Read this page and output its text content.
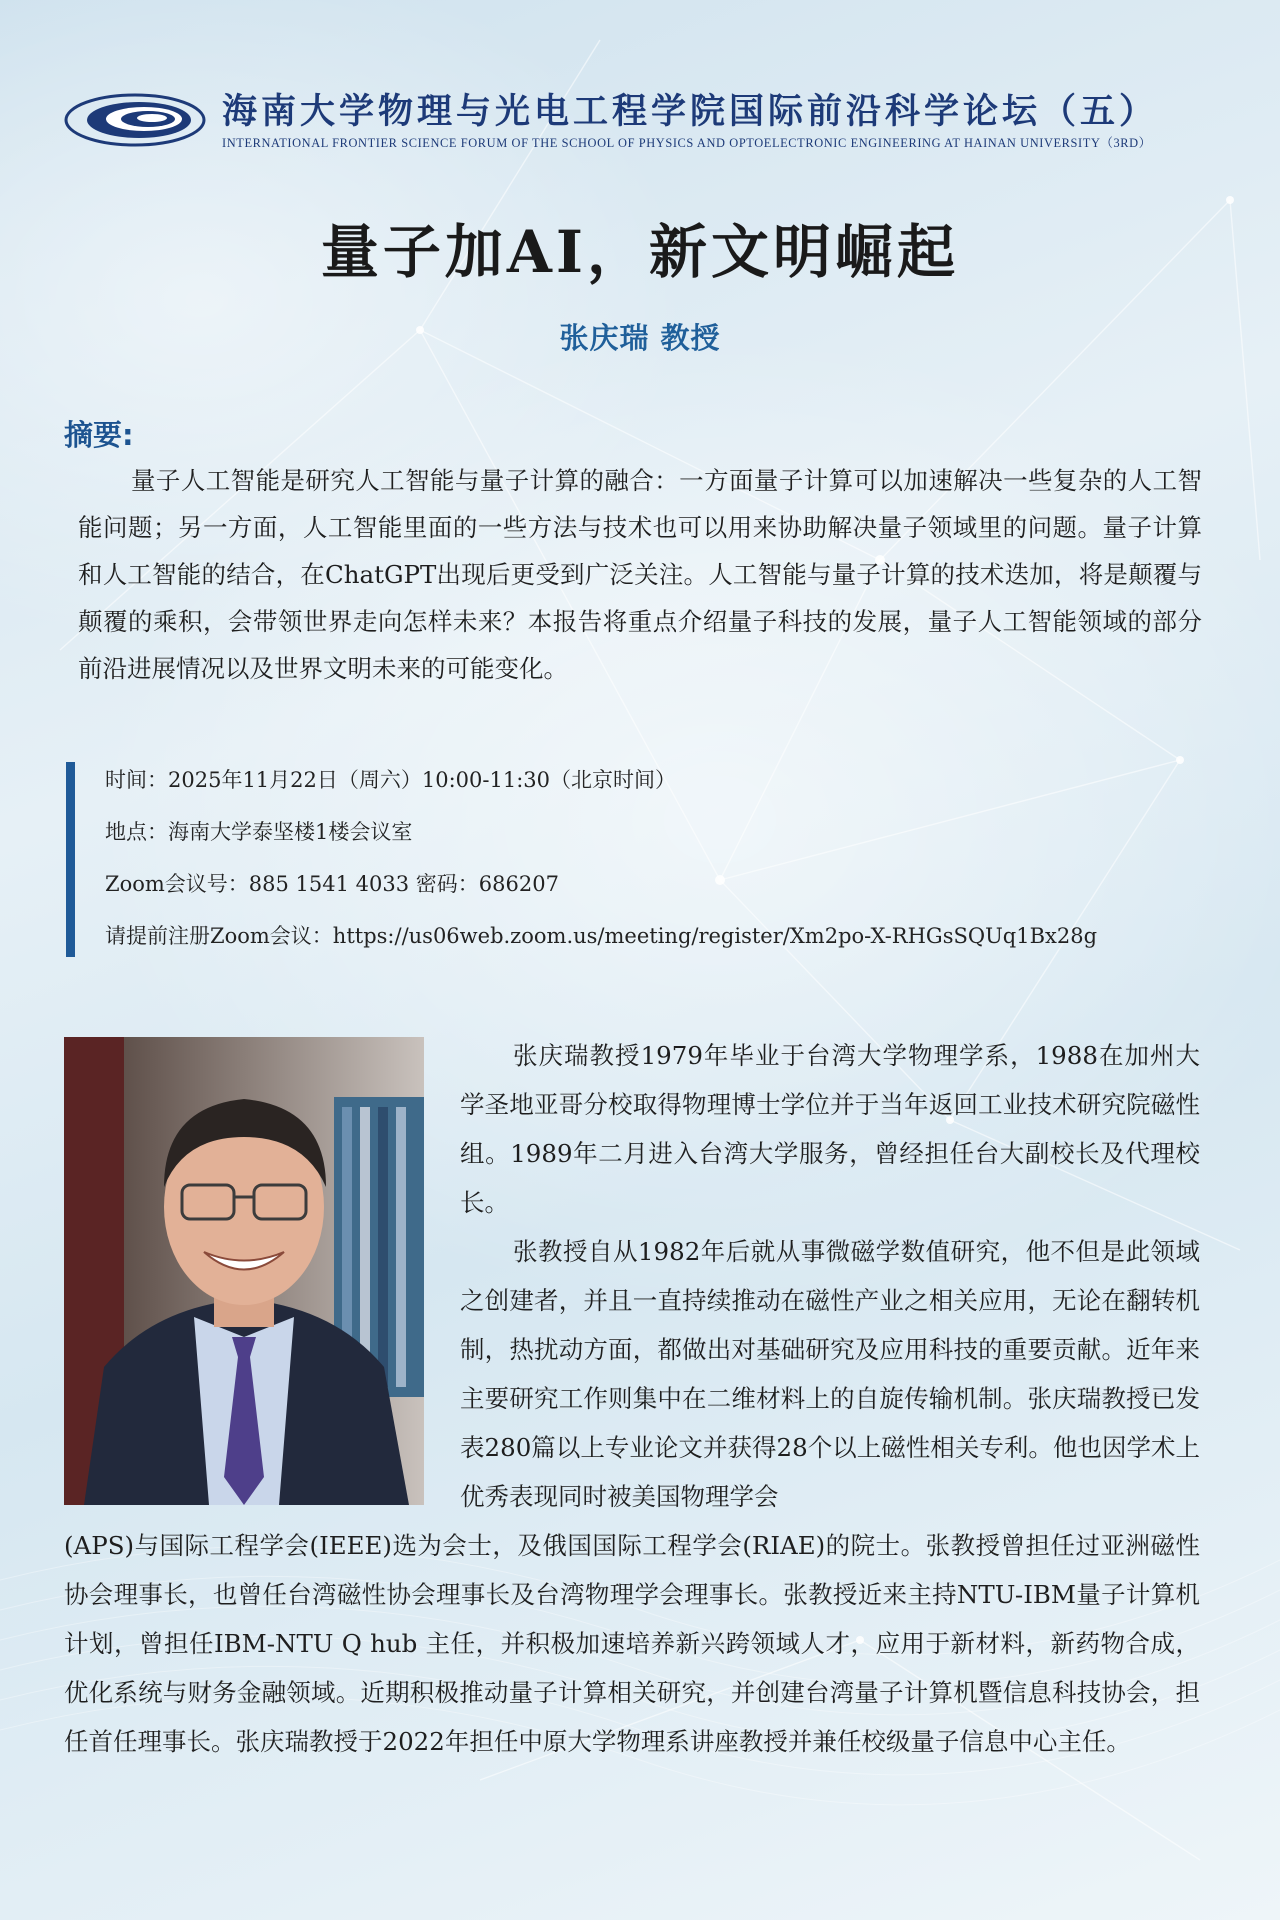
海南大学物理与光电工程学院国际前沿科学论坛（五）
INTERNATIONAL FRONTIER SCIENCE FORUM OF THE SCHOOL OF PHYSICS AND OPTOELECTRONIC ENGINEERING AT HAINAN UNIVERSITY（3RD）
量子加AI，新文明崛起
张庆瑞 教授
摘要:
量子人工智能是研究人工智能与量子计算的融合：一方面量子计算可以加速解决一些复杂的人工智能问题；另一方面，人工智能里面的一些方法与技术也可以用来协助解决量子领域里的问题。量子计算和人工智能的结合，在ChatGPT出现后更受到广泛关注。人工智能与量子计算的技术迭加，将是颠覆与颠覆的乘积，会带领世界走向怎样未来？本报告将重点介绍量子科技的发展，量子人工智能领域的部分前沿进展情况以及世界文明未来的可能变化。
时间：2025年11月22日（周六）10:00-11:30（北京时间）
地点：海南大学泰坚楼1楼会议室
Zoom会议号：885 1541 4033 密码：686207
请提前注册Zoom会议：https://us06web.zoom.us/meeting/register/Xm2po-X-RHGsSQUq1Bx28g
张庆瑞教授1979年毕业于台湾大学物理学系，1988在加州大学圣地亚哥分校取得物理博士学位并于当年返回工业技术研究院磁性组。1989年二月进入台湾大学服务，曾经担任台大副校长及代理校长。
张教授自从1982年后就从事微磁学数值研究，他不但是此领域之创建者，并且一直持续推动在磁性产业之相关应用，无论在翻转机制，热扰动方面，都做出对基础研究及应用科技的重要贡献。近年来主要研究工作则集中在二维材料上的自旋传输机制。张庆瑞教授已发表280篇以上专业论文并获得28个以上磁性相关专利。他也因学术上优秀表现同时被美国物理学会
(APS)与国际工程学会(IEEE)选为会士，及俄国国际工程学会(RIAE)的院士。张教授曾担任过亚洲磁性协会理事长，也曾任台湾磁性协会理事长及台湾物理学会理事长。张教授近来主持NTU-IBM量子计算机计划，曾担任IBM-NTU Q hub 主任，并积极加速培养新兴跨领域人才，应用于新材料，新药物合成，优化系统与财务金融领域。近期积极推动量子计算相关研究，并创建台湾量子计算机暨信息科技协会，担任首任理事长。张庆瑞教授于2022年担任中原大学物理系讲座教授并兼任校级量子信息中心主任。
